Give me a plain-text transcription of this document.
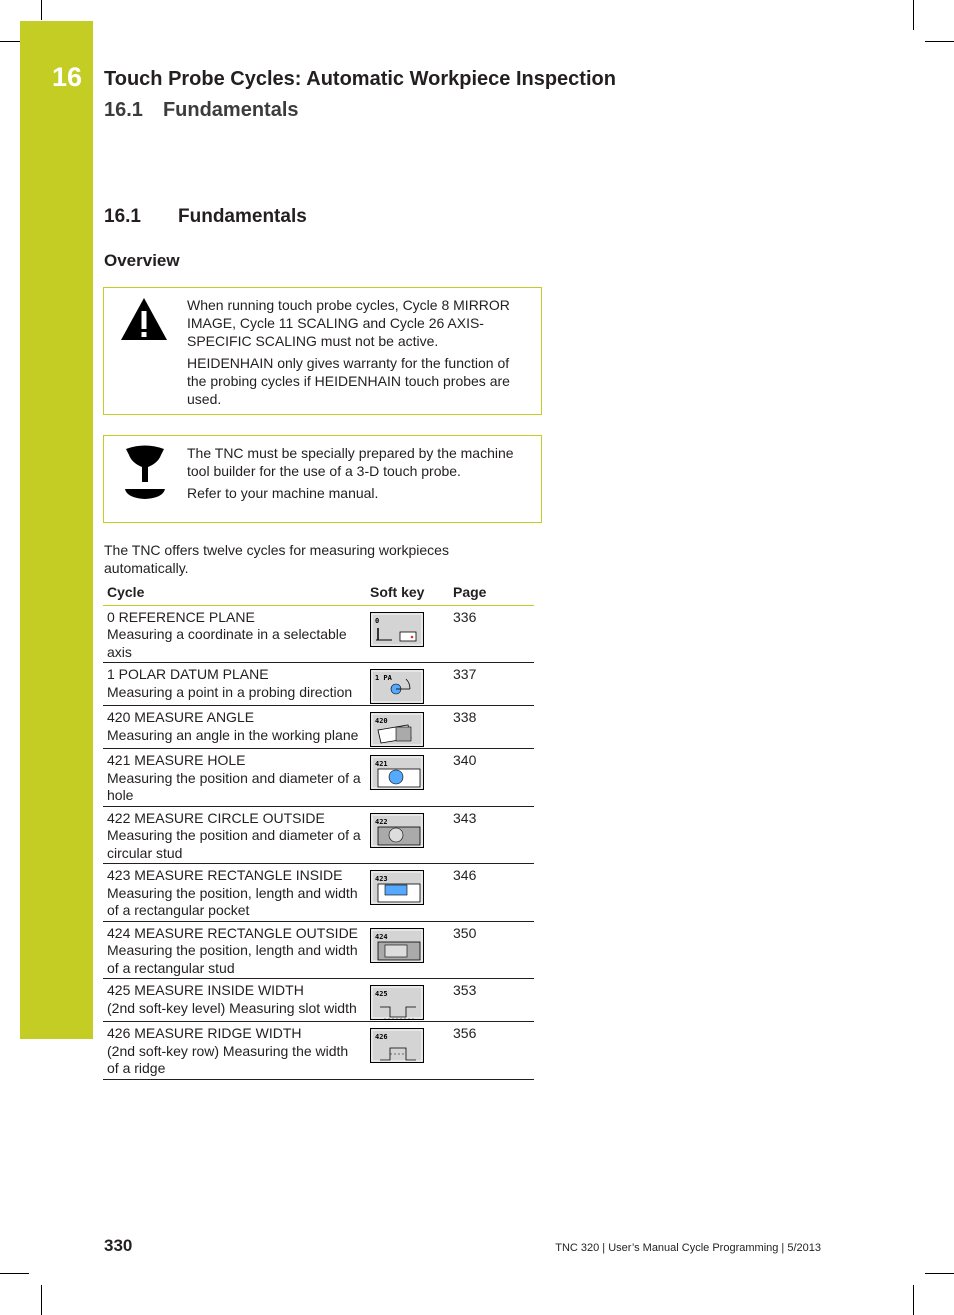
16 Touch Probe Cycles: Automatic Workpiece Inspection
16.1 Fundamentals
16.1 Fundamentals
Overview

When running touch probe cycles, Cycle 8 MIRROR IMAGE, Cycle 11 SCALING and Cycle 26 AXIS-SPECIFIC SCALING must not be active.

HEIDENHAIN only gives warranty for the function of the probing cycles if HEIDENHAIN touch probes are used.

The TNC must be specially prepared by the machine tool builder for the use of a 3-D touch probe.

Refer to your machine manual.

The TNC offers twelve cycles for measuring workpieces automatically.
Cycle	Soft key	Page

0 REFERENCE PLANE
Measuring a coordinate in a selectable axis	0	336

1 POLAR DATUM PLANE
Measuring a point in a probing direction	1 PA	337

420 MEASURE ANGLE
Measuring an angle in the working plane	420	338

421 MEASURE HOLE
Measuring the position and diameter of a hole	421	340

422 MEASURE CIRCLE OUTSIDE
Measuring the position and diameter of a circular stud	422	343

423 MEASURE RECTANGLE INSIDE
Measuring the position, length and width of a rectangular pocket	423	346

424 MEASURE RECTANGLE OUTSIDE
Measuring the position, length and width of a rectangular stud	424	350

425 MEASURE INSIDE WIDTH
(2nd soft-key level) Measuring slot width	425	353

426 MEASURE RIDGE WIDTH
(2nd soft-key row) Measuring the width of a ridge	426	356
330	TNC 320 | User’s Manual Cycle Programming | 5/2013
